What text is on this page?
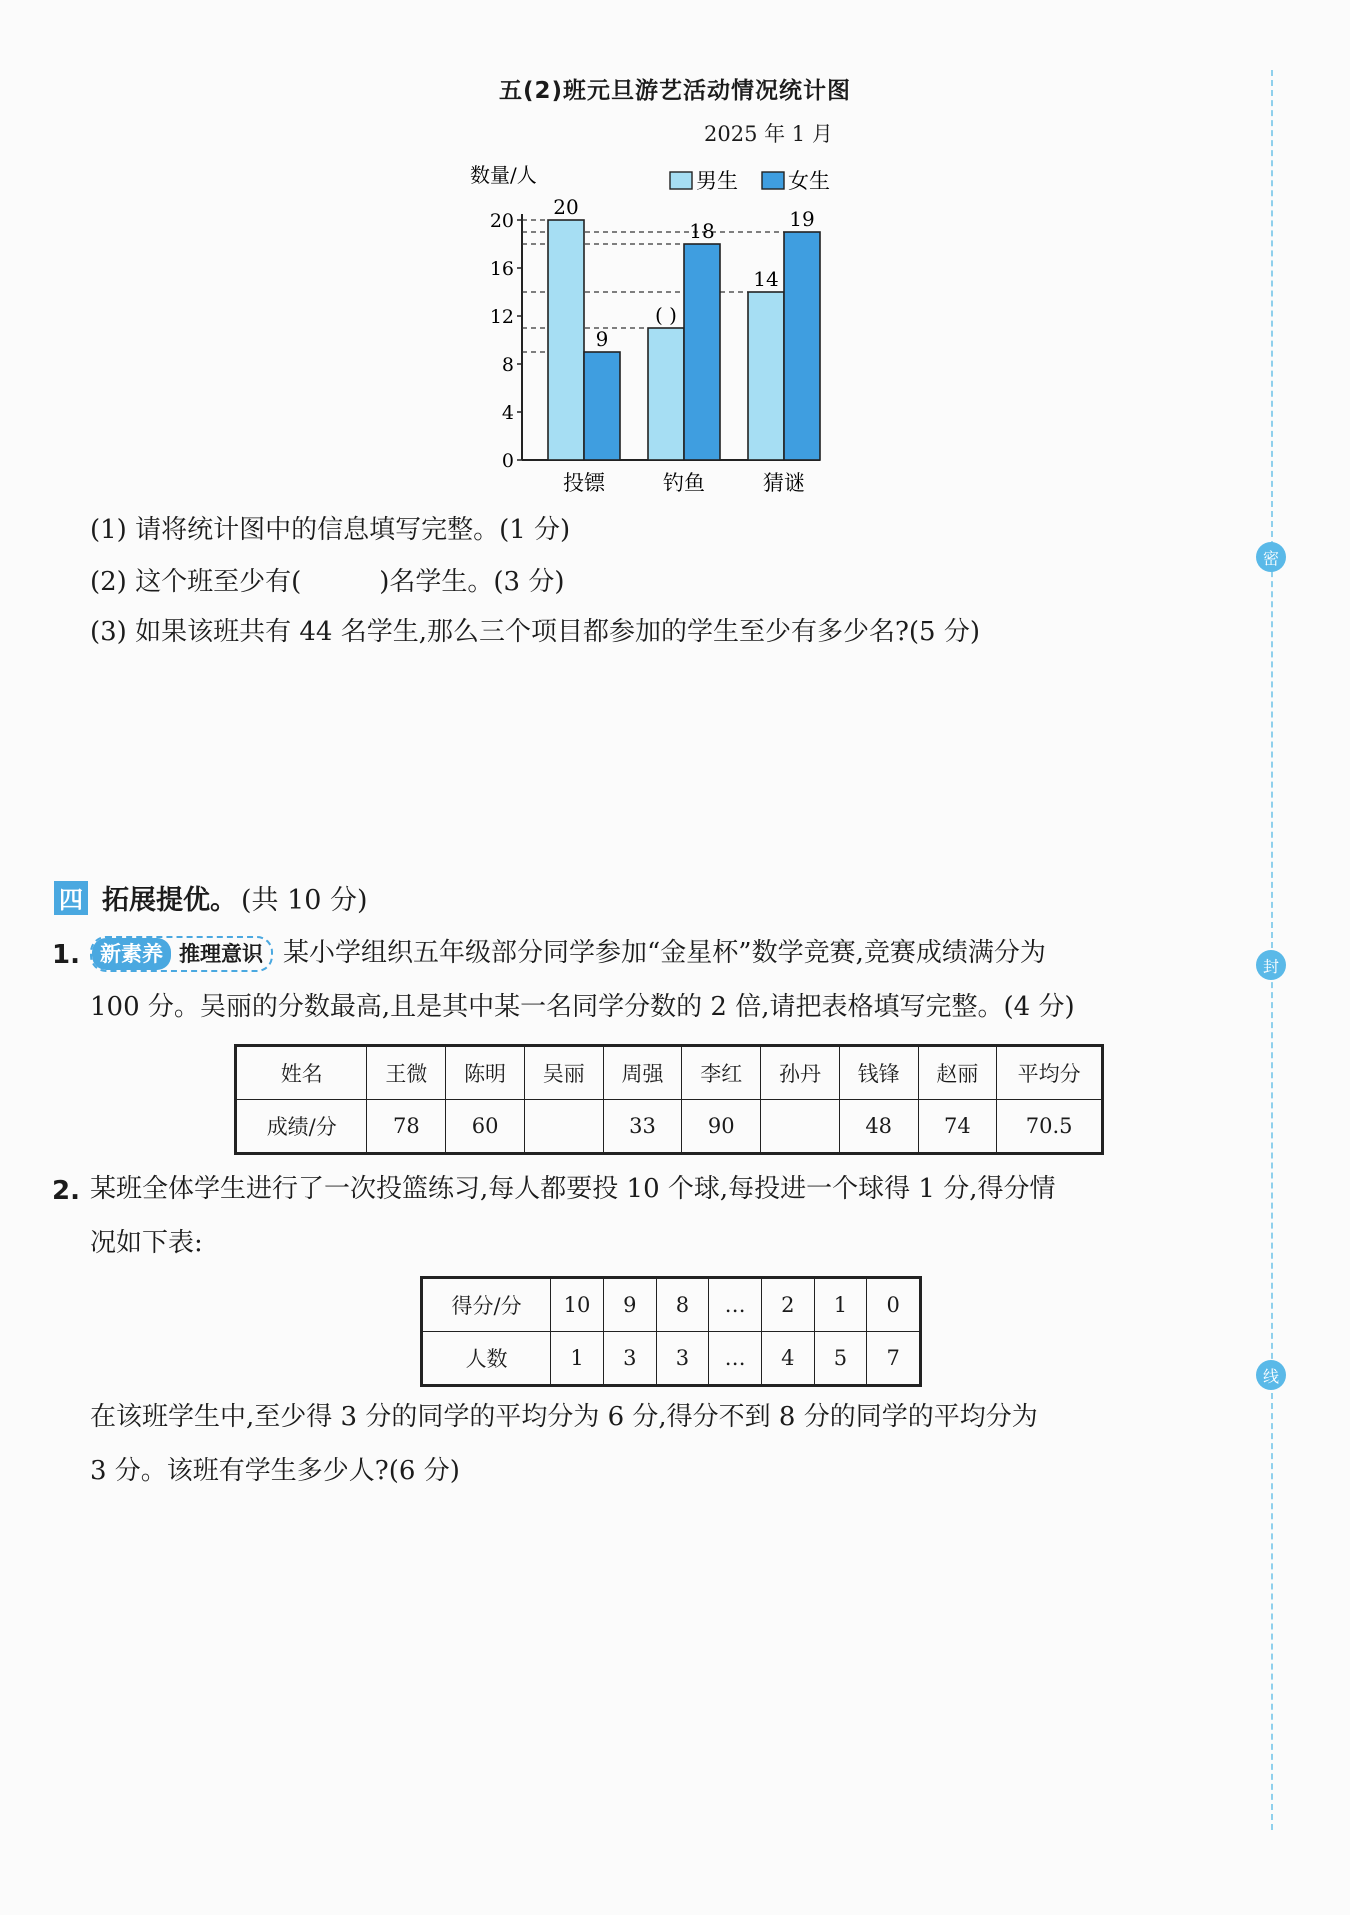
五(2)班元旦游艺活动情况统计图
2025 年 1 月
数量/人
0
4
8
12
16
20
20
9
投镖
( )
18
钓鱼
14
19
猜谜
男生 女生
(1) 请将统计图中的信息填写完整。(1 分)
(2) 这个班至少有(	)名学生。(3 分)
(3) 如果该班共有 44 名学生,那么三个项目都参加的学生至少有多少名?(5 分)
四 拓展提优。 (共 10 分)
1. 新素养 推理意识 某小学组织五年级部分同学参加“金星杯”数学竞赛,竞赛成绩满分为
100 分。吴丽的分数最高,且是其中某一名同学分数的 2 倍,请把表格填写完整。(4 分)
姓名	王微	陈明	吴丽	周强	李红	孙丹	钱锋	赵丽	平均分
成绩/分	78	60		33	90		48	74	70.5
2. 某班全体学生进行了一次投篮练习,每人都要投 10 个球,每投进一个球得 1 分,得分情
况如下表:
得分/分	10	9	8	…	2	1	0
人数	1	3	3	…	4	5	7
在该班学生中,至少得 3 分的同学的平均分为 6 分,得分不到 8 分的同学的平均分为
3 分。该班有学生多少人?(6 分)
密
封
线
